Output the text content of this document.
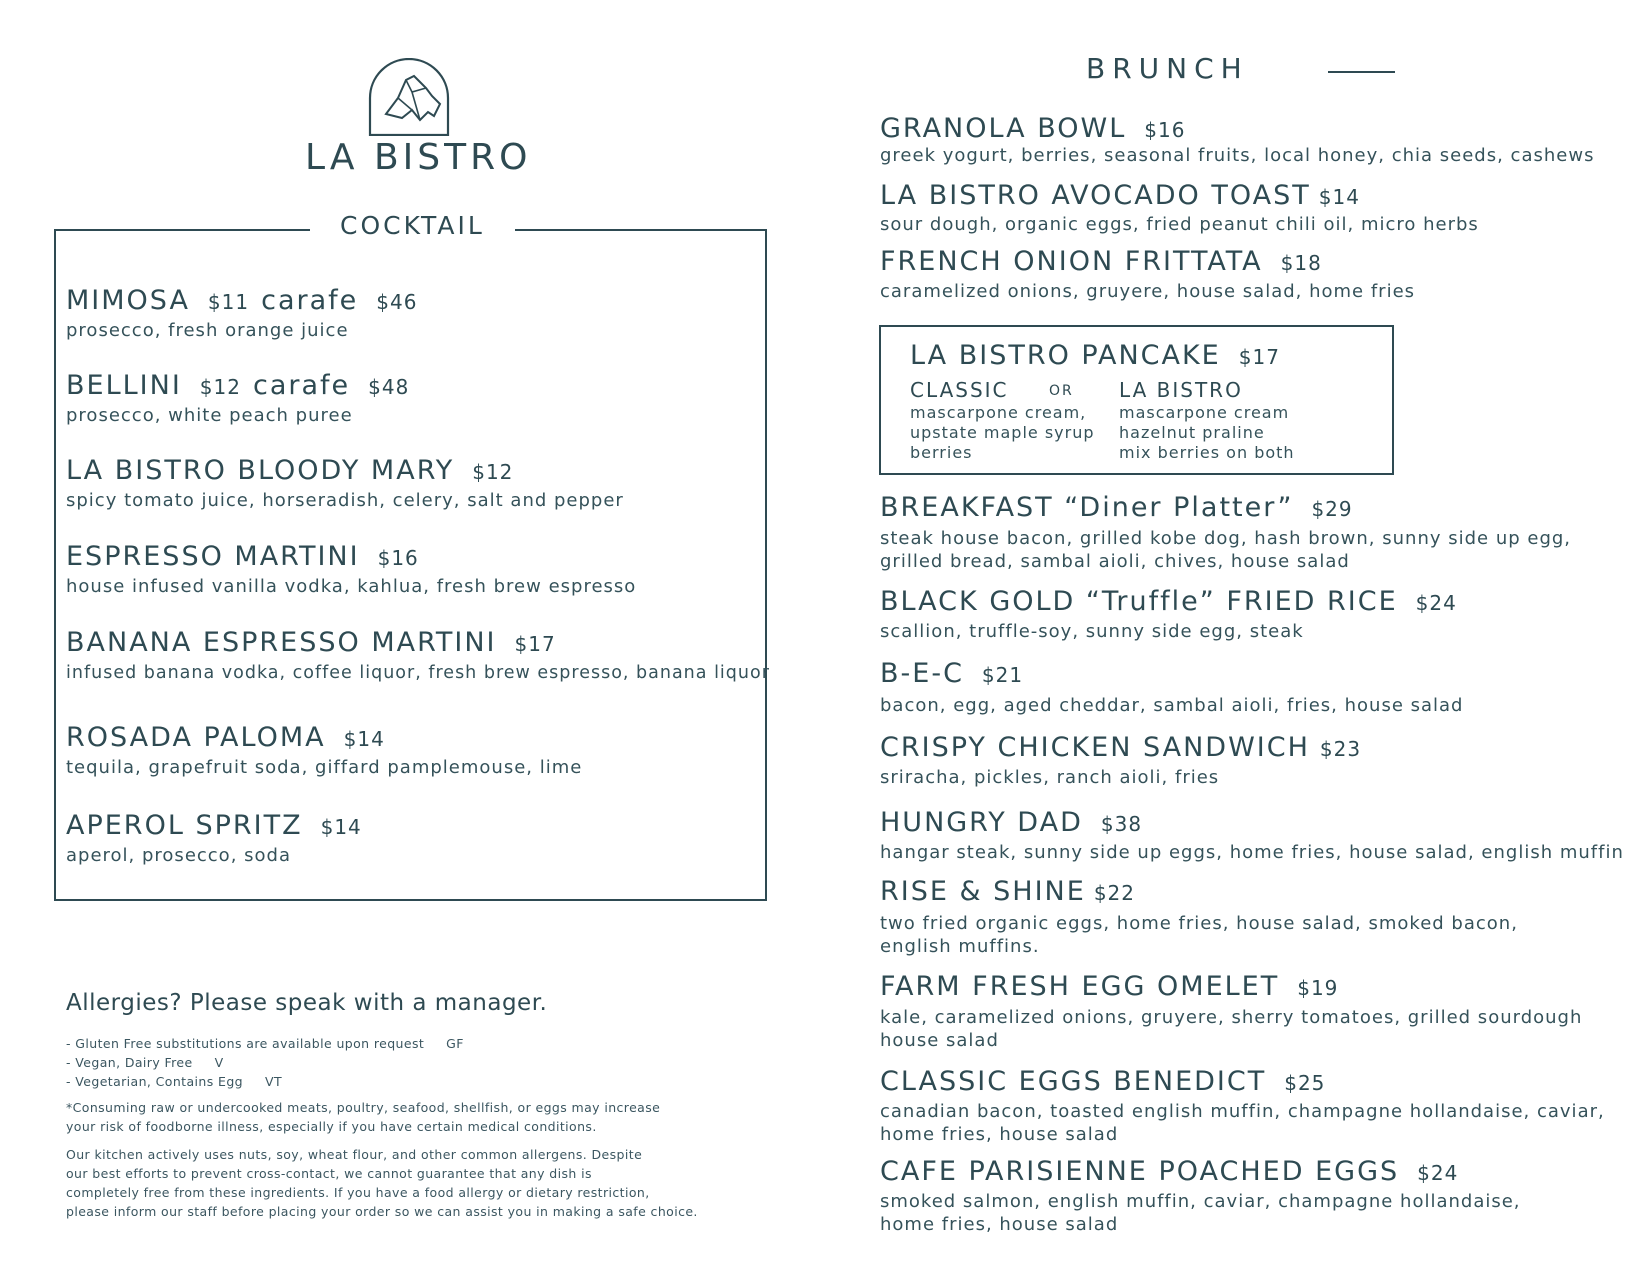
LA BISTRO
COCKTAIL
MIMOSA $11 carafe $46
prosecco, fresh orange juice
BELLINI $12 carafe $48
prosecco, white peach puree
LA BISTRO BLOODY MARY $12
spicy tomato juice, horseradish, celery, salt and pepper
ESPRESSO MARTINI $16
house infused vanilla vodka, kahlua, fresh brew espresso
BANANA ESPRESSO MARTINI $17
infused banana vodka, coffee liquor, fresh brew espresso, banana liquor
ROSADA PALOMA $14
tequila, grapefruit soda, giffard pamplemouse, lime
APEROL SPRITZ $14
aperol, prosecco, soda
Allergies? Please speak with a manager.
- Gluten Free substitutions are available upon request GF
- Vegan, Dairy Free V
- Vegetarian, Contains Egg VT
*Consuming raw or undercooked meats, poultry, seafood, shellfish, or eggs may increase
your risk of foodborne illness, especially if you have certain medical conditions.
Our kitchen actively uses nuts, soy, wheat flour, and other common allergens. Despite
our best efforts to prevent cross-contact, we cannot guarantee that any dish is
completely free from these ingredients. If you have a food allergy or dietary restriction,
please inform our staff before placing your order so we can assist you in making a safe choice.
BRUNCH
GRANOLA BOWL $16
greek yogurt, berries, seasonal fruits, local honey, chia seeds, cashews
LA BISTRO AVOCADO TOAST $14
sour dough, organic eggs, fried peanut chili oil, micro herbs
FRENCH ONION FRITTATA $18
caramelized onions, gruyere, house salad, home fries
LA BISTRO PANCAKE $17
CLASSIC	OR LA BISTRO
mascarpone cream,
upstate maple syrup
berries
mascarpone cream
hazelnut praline
mix berries on both
BREAKFAST “Diner Platter” $29
steak house bacon, grilled kobe dog, hash brown, sunny side up egg,
grilled bread, sambal aioli, chives, house salad
BLACK GOLD “Truffle” FRIED RICE $24
scallion, truffle-soy, sunny side egg, steak
B-E-C $21
bacon, egg, aged cheddar, sambal aioli, fries, house salad
CRISPY CHICKEN SANDWICH $23
sriracha, pickles, ranch aioli, fries
HUNGRY DAD $38
hangar steak, sunny side up eggs, home fries, house salad, english muffin
RISE & SHINE $22
two fried organic eggs, home fries, house salad, smoked bacon,
english muffins.
FARM FRESH EGG OMELET $19
kale, caramelized onions, gruyere, sherry tomatoes, grilled sourdough
house salad
CLASSIC EGGS BENEDICT $25
canadian bacon, toasted english muffin, champagne hollandaise, caviar,
home fries, house salad
CAFE PARISIENNE POACHED EGGS $24
smoked salmon, english muffin, caviar, champagne hollandaise,
home fries, house salad
